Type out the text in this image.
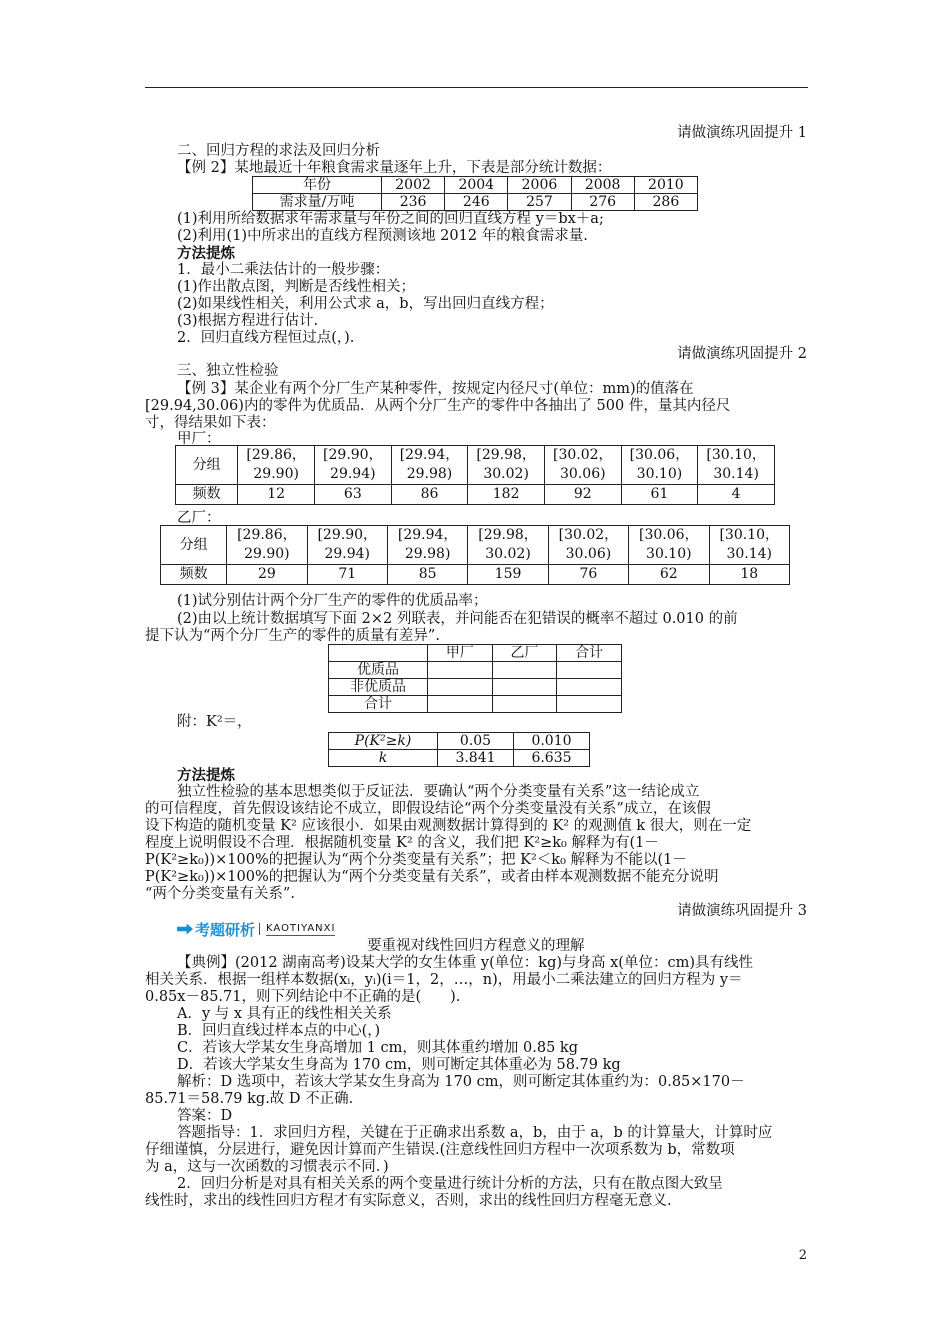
请做演练巩固提升 1
二、回归方程的求法及回归分析
【例 2】某地最近十年粮食需求量逐年上升，下表是部分统计数据：
年份	2002	2004	2006	2008	2010
需求量/万吨	236	246	257	276	286
(1)利用所给数据求年需求量与年份之间的回归直线方程 y＝bx＋a;
(2)利用(1)中所求出的直线方程预测该地 2012 年的粮食需求量.
方法提炼
1．最小二乘法估计的一般步骤：
(1)作出散点图，判断是否线性相关；
(2)如果线性相关，利用公式求 a，b，写出回归直线方程；
(3)根据方程进行估计.
2．回归直线方程恒过点(，).
请做演练巩固提升 2
三、独立性检验
【例 3】某企业有两个分厂生产某种零件，按规定内径尺寸(单位：mm)的值落在
[29.94,30.06)内的零件为优质品．从两个分厂生产的零件中各抽出了 500 件，量其内径尺
寸，得结果如下表：
甲厂：
分组	[29.86，29.90)	[29.90，29.94)	[29.94，29.98)	[29.98，30.02)	[30.02，30.06)	[30.06，30.10)	[30.10，30.14)
频数	12	63	86	182	92	61	4
乙厂：
分组	[29.86，29.90)	[29.90，29.94)	[29.94，29.98)	[29.98，30.02)	[30.02，30.06)	[30.06，30.10)	[30.10，30.14)
频数	29	71	85	159	76	62	18
(1)试分别估计两个分厂生产的零件的优质品率；
(2)由以上统计数据填写下面 2×2 列联表，并问能否在犯错误的概率不超过 0.010 的前
提下认为“两个分厂生产的零件的质量有差异”.
	甲厂	乙厂	合计
优质品			
非优质品			
合计			
附：K²＝，
P(K²≥k)	0.05	0.010
k	3.841	6.635
方法提炼
独立性检验的基本思想类似于反证法．要确认“两个分类变量有关系”这一结论成立
的可信程度，首先假设该结论不成立，即假设结论“两个分类变量没有关系”成立，在该假
设下构造的随机变量 K² 应该很小．如果由观测数据计算得到的 K² 的观测值 k 很大，则在一定
程度上说明假设不合理．根据随机变量 K² 的含义，我们把 K²≥k₀ 解释为有(1－
P(K²≥k₀))×100%的把握认为“两个分类变量有关系”；把 K²＜k₀ 解释为不能以(1－
P(K²≥k₀))×100%的把握认为“两个分类变量有关系”，或者由样本观测数据不能充分说明
“两个分类变量有关系”.
请做演练巩固提升 3
考题研析 KAOTIYANXI
要重视对线性回归方程意义的理解
【典例】(2012 湖南高考)设某大学的女生体重 y(单位：kg)与身高 x(单位：cm)具有线性
相关关系．根据一组样本数据(xᵢ，yᵢ)(i＝1，2，…，n)，用最小二乘法建立的回归方程为 y＝
0.85x－85.71，则下列结论中不正确的是(　　).
A．y 与 x 具有正的线性相关关系
B．回归直线过样本点的中心(，)
C．若该大学某女生身高增加 1 cm，则其体重约增加 0.85 kg
D．若该大学某女生身高为 170 cm，则可断定其体重必为 58.79 kg
解析：D 选项中，若该大学某女生身高为 170 cm，则可断定其体重约为：0.85×170－
85.71＝58.79 kg.故 D 不正确.
答案：D
答题指导：1．求回归方程，关键在于正确求出系数 a，b，由于 a，b 的计算量大，计算时应
仔细谨慎，分层进行，避免因计算而产生错误.(注意线性回归方程中一次项系数为 b，常数项
为 a，这与一次函数的习惯表示不同．)
2．回归分析是对具有相关关系的两个变量进行统计分析的方法，只有在散点图大致呈
线性时，求出的线性回归方程才有实际意义，否则，求出的线性回归方程毫无意义.
2
